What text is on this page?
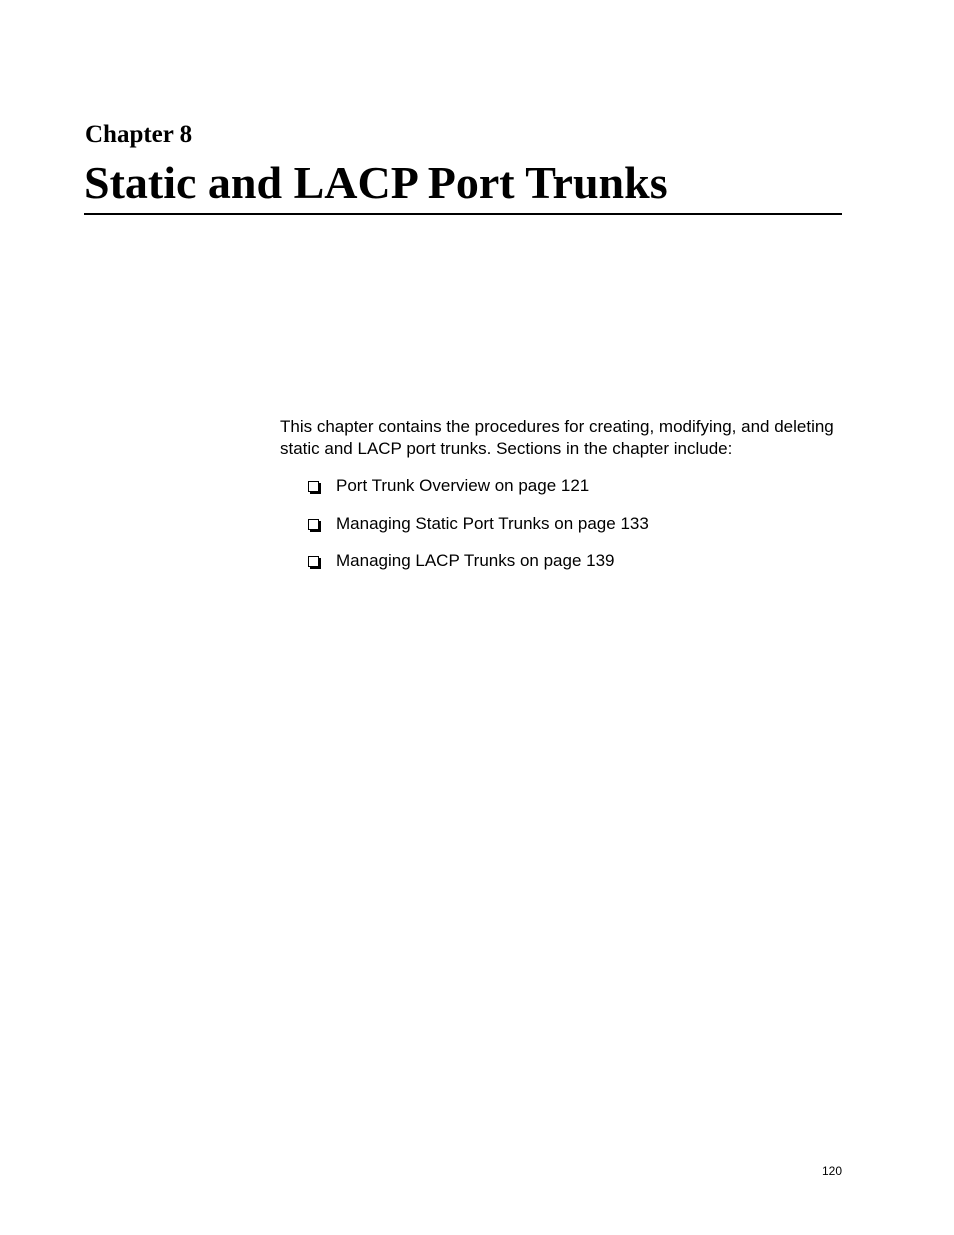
Chapter 8
Static and LACP Port Trunks

This chapter contains the procedures for creating, modifying, and deleting static and LACP port trunks. Sections in the chapter include:

Port Trunk Overview on page 121
Managing Static Port Trunks on page 133
Managing LACP Trunks on page 139
120
